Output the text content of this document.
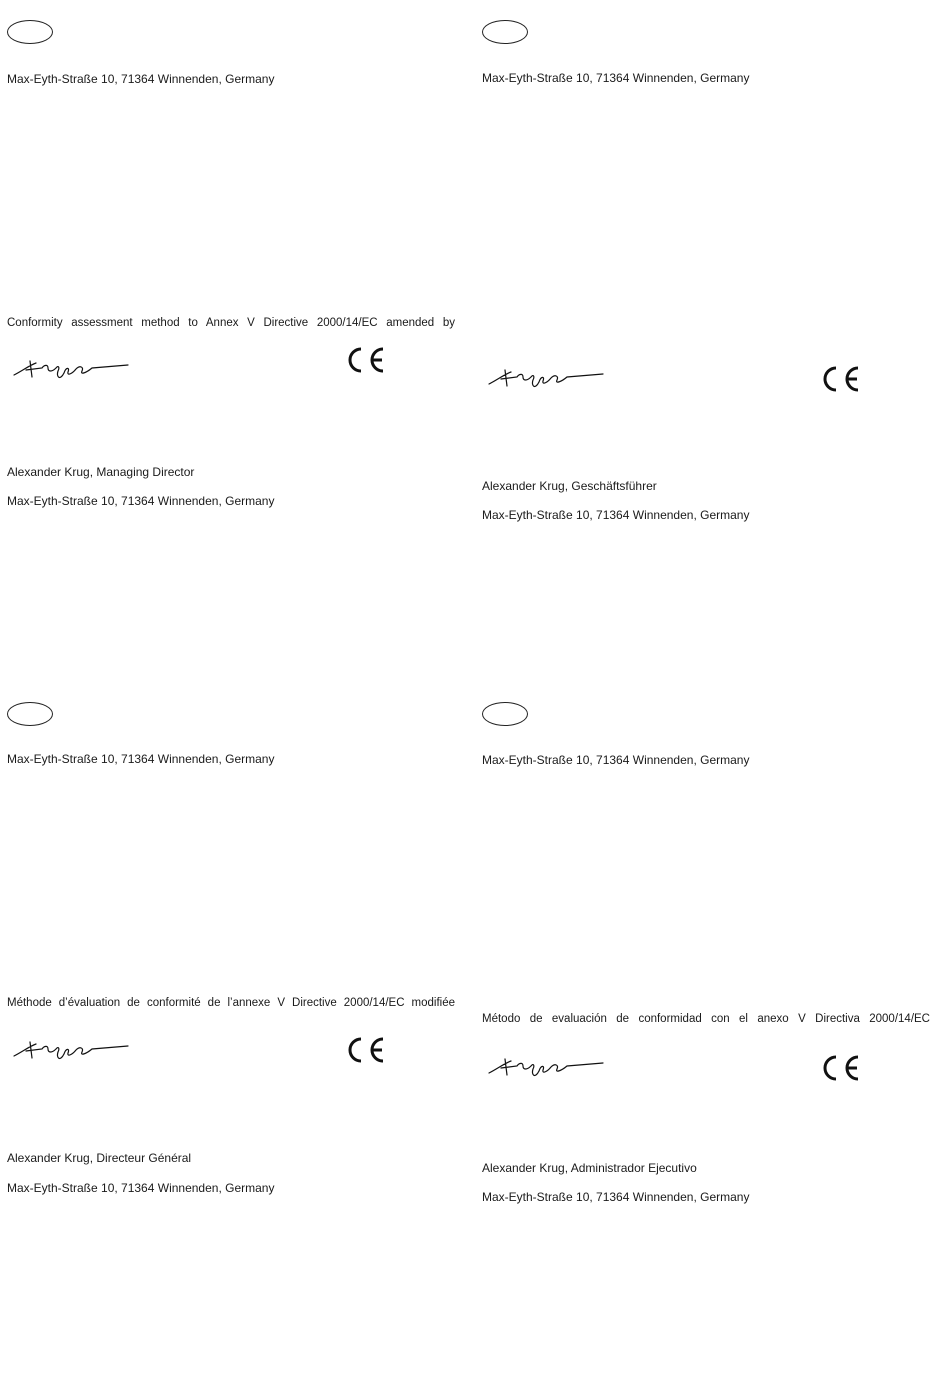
Max-Eyth-Straße 10, 71364 Winnenden, Germany
Conformity assessment method to Annex V Directive 2000/14/EC amended by
Alexander Krug, Managing Director
Max-Eyth-Straße 10, 71364 Winnenden, Germany
Max-Eyth-Straße 10, 71364 Winnenden, Germany
Alexander Krug, Geschäftsführer
Max-Eyth-Straße 10, 71364 Winnenden, Germany
Max-Eyth-Straße 10, 71364 Winnenden, Germany
Méthode d’évaluation de conformité de l’annexe V Directive 2000/14/EC modifiée
Alexander Krug, Directeur Général
Max-Eyth-Straße 10, 71364 Winnenden, Germany
Max-Eyth-Straße 10, 71364 Winnenden, Germany
Método de evaluación de conformidad con el anexo V Directiva 2000/14/EC
Alexander Krug, Administrador Ejecutivo
Max-Eyth-Straße 10, 71364 Winnenden, Germany
